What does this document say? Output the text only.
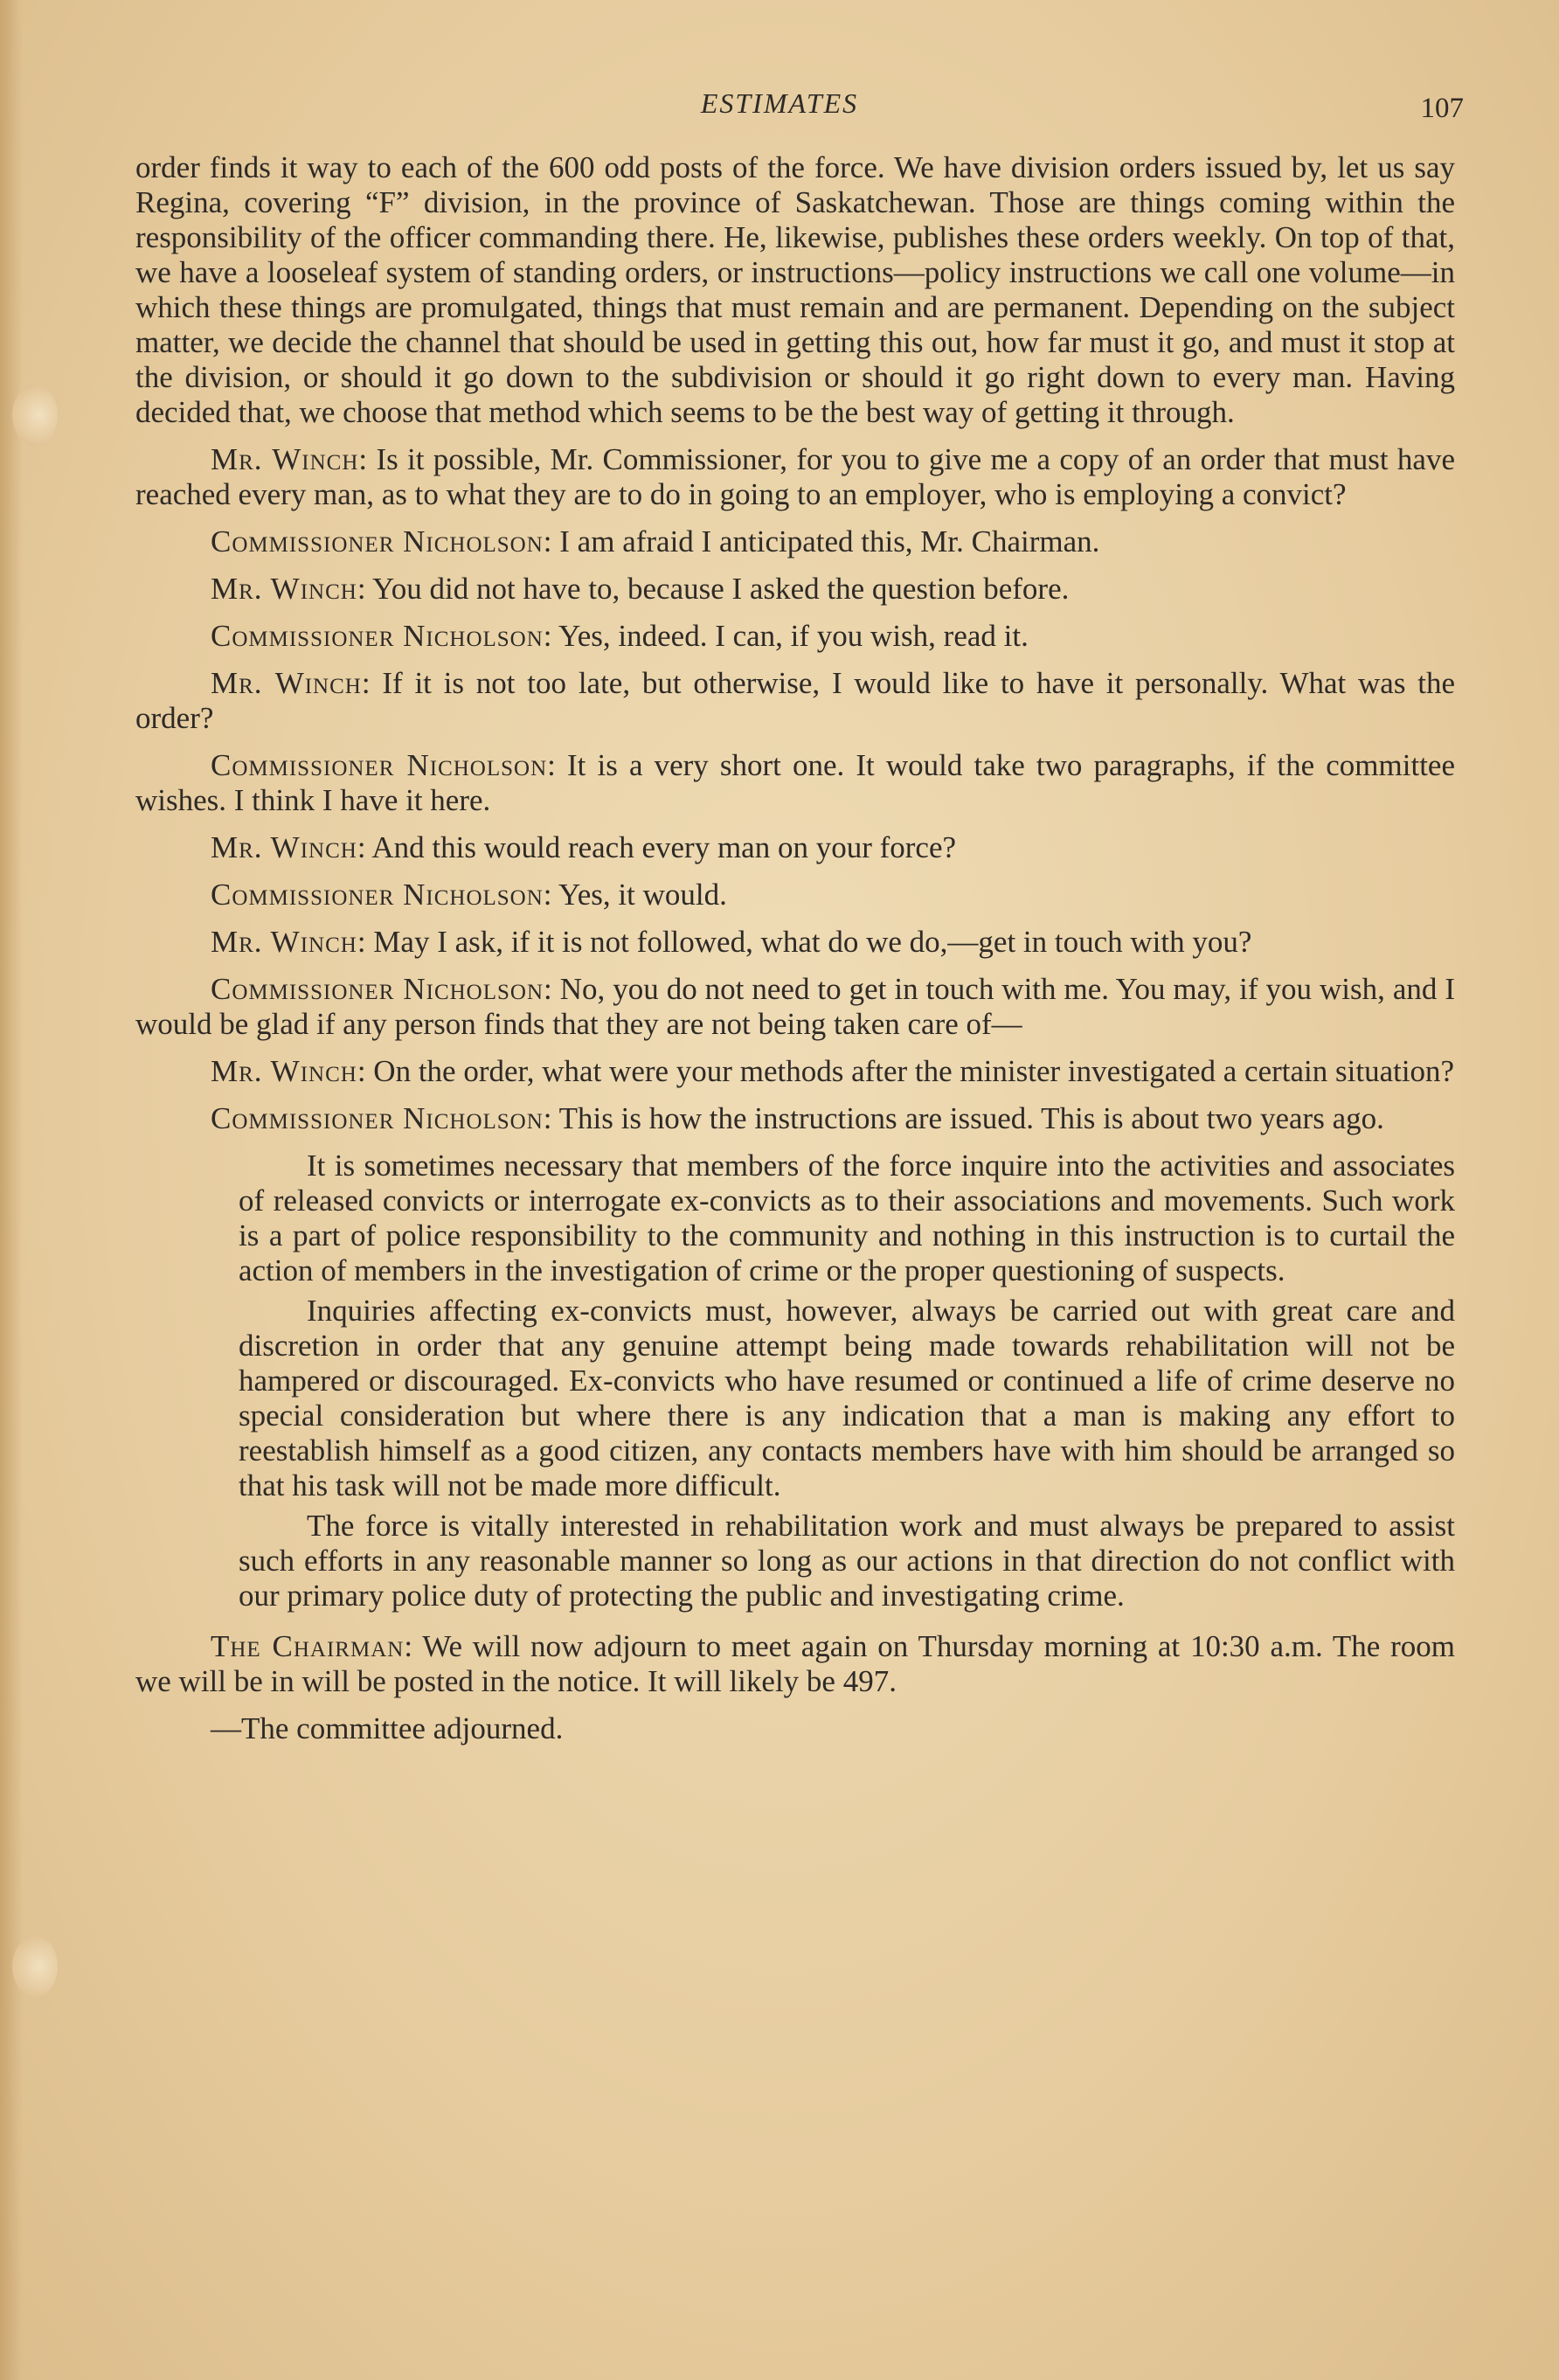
ESTIMATES	107

order finds it way to each of the 600 odd posts of the force. We have division orders issued by, let us say Regina, covering “F” division, in the province of Saskatchewan. Those are things coming within the responsibility of the officer commanding there. He, likewise, publishes these orders weekly. On top of that, we have a looseleaf system of standing orders, or instructions—policy instructions we call one volume—in which these things are promulgated, things that must remain and are permanent. Depending on the subject matter, we decide the channel that should be used in getting this out, how far must it go, and must it stop at the division, or should it go down to the subdivision or should it go right down to every man. Having decided that, we choose that method which seems to be the best way of getting it through.

Mr. Winch: Is it possible, Mr. Commissioner, for you to give me a copy of an order that must have reached every man, as to what they are to do in going to an employer, who is employing a convict?

Commissioner Nicholson: I am afraid I anticipated this, Mr. Chairman.

Mr. Winch: You did not have to, because I asked the question before.

Commissioner Nicholson: Yes, indeed. I can, if you wish, read it.

Mr. Winch: If it is not too late, but otherwise, I would like to have it personally. What was the order?

Commissioner Nicholson: It is a very short one. It would take two paragraphs, if the committee wishes. I think I have it here.

Mr. Winch: And this would reach every man on your force?

Commissioner Nicholson: Yes, it would.

Mr. Winch: May I ask, if it is not followed, what do we do,—get in touch with you?

Commissioner Nicholson: No, you do not need to get in touch with me. You may, if you wish, and I would be glad if any person finds that they are not being taken care of—

Mr. Winch: On the order, what were your methods after the minister investigated a certain situation?

Commissioner Nicholson: This is how the instructions are issued. This is about two years ago.

It is sometimes necessary that members of the force inquire into the activities and associates of released convicts or interrogate ex-convicts as to their associations and movements. Such work is a part of police responsibility to the community and nothing in this instruction is to curtail the action of members in the investigation of crime or the proper questioning of suspects.

Inquiries affecting ex-convicts must, however, always be carried out with great care and discretion in order that any genuine attempt being made towards rehabilitation will not be hampered or discouraged. Ex-convicts who have resumed or continued a life of crime deserve no special consideration but where there is any indication that a man is making any effort to reestablish himself as a good citizen, any contacts members have with him should be arranged so that his task will not be made more difficult.

The force is vitally interested in rehabilitation work and must always be prepared to assist such efforts in any reasonable manner so long as our actions in that direction do not conflict with our primary police duty of protecting the public and investigating crime.

The Chairman: We will now adjourn to meet again on Thursday morning at 10:30 a.m. The room we will be in will be posted in the notice. It will likely be 497.

—The committee adjourned.
